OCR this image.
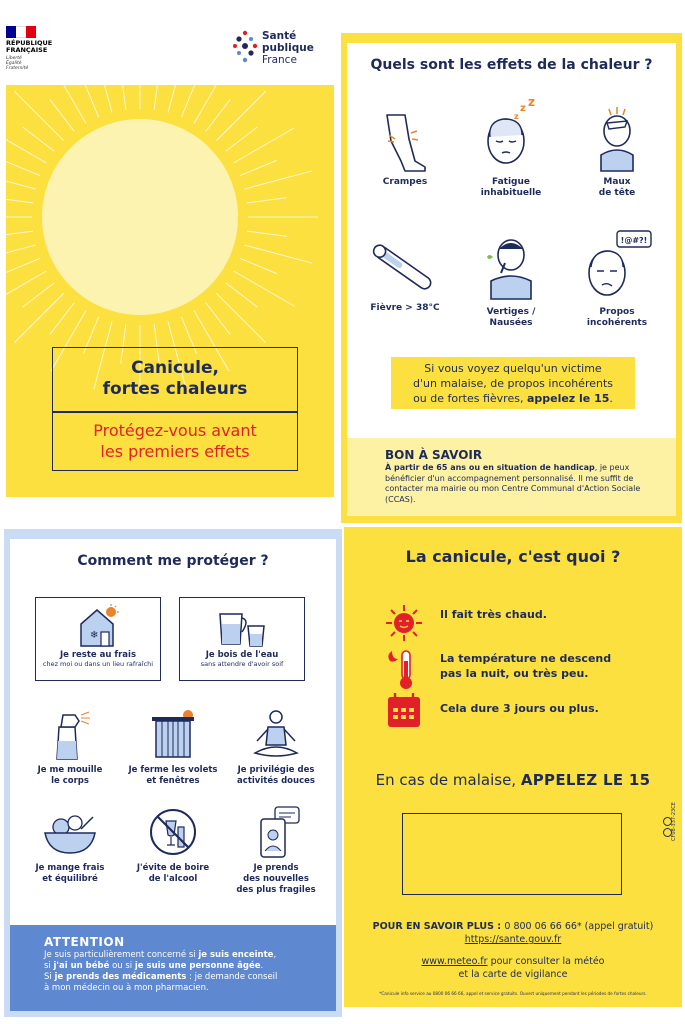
RÉPUBLIQUE
FRANÇAISE
Liberté
Égalité
Fraternité
Santé
publique
France
Canicule,
fortes chaleurs
Protégez-vous avant
les premiers effets
Quels sont les effets de la chaleur ?
Crampes
z z
z
Fatigue
inhabituelle
Maux
de tête
Fièvre > 38°C	Vertiges /
Nausées
!@#?!
Propos
incohérents
Si vous voyez quelqu'un victime
d'un malaise, de propos incohérents
ou de fortes fièvres, appelez le 15.
BON À SAVOIR
À partir de 65 ans ou en situation de handicap, je peux bénéficier d'un accompagnement personnalisé. Il me suffit de contacter ma mairie ou mon Centre Communal d'Action Sociale (CCAS).
Comment me protéger ?
❄
Je reste au frais
chez moi ou dans un lieu rafraîchi
Je bois de l'eau
sans attendre d'avoir soif
Je me mouille
le corps
Je ferme les volets
et fenêtres
Je privilégie des
activités douces
Je mange frais
et équilibré
J'évite de boire
de l'alcool
Je prends
des nouvelles
des plus fragiles
ATTENTION
Je suis particulièrement concerné si je suis enceinte,
si j'ai un bébé ou si je suis une personne âgée.
Si je prends des médicaments : je demande conseil
à mon médecin ou à mon pharmacien.
La canicule, c'est quoi ?
Il fait très chaud.
La température ne descend
pas la nuit, ou très peu.
Cela dure 3 jours ou plus.
En cas de malaise, APPELEZ LE 15
CF08-337-23CE
POUR EN SAVOIR PLUS : 0 800 06 66 66* (appel gratuit)
https://sante.gouv.fr
www.meteo.fr pour consulter la météo
et la carte de vigilance
*Canicule info service au 0800 06 66 66, appel et service gratuits. Ouvert uniquement pendant les périodes de fortes chaleurs.
